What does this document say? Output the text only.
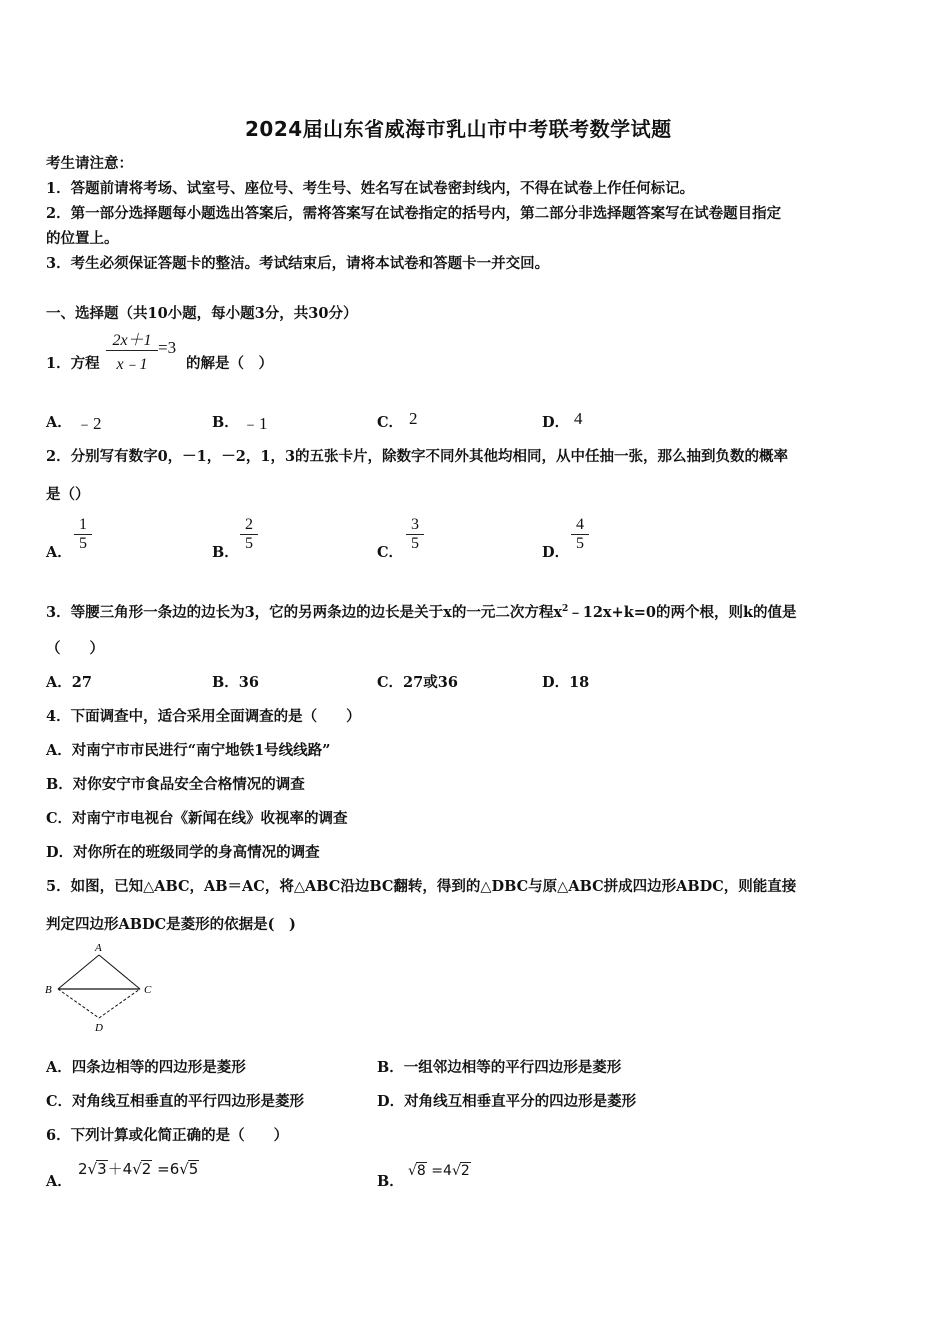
2024届山东省威海市乳山市中考联考数学试题
考生请注意：
1．答题前请将考场、试室号、座位号、考生号、姓名写在试卷密封线内，不得在试卷上作任何标记。
2．第一部分选择题每小题选出答案后，需将答案写在试卷指定的括号内，第二部分非选择题答案写在试卷题目指定
的位置上。
3．考生必须保证答题卡的整洁。考试结束后，请将本试卷和答题卡一并交回。
一、选择题（共10小题，每小题3分，共30分）
1．方程
2x＋1
x﹣1
=3
的解是（　）
A． ﹣2	B． ﹣1	C． 2	D． 4
2．分别写有数字0，－1，－2，1，3的五张卡片，除数字不同外其他均相同，从中任抽一张，那么抽到负数的概率
是（）
A．
1
5
B．
2
5
C．
3
5
D．
4
5
3．等腰三角形一条边的边长为3，它的另两条边的边长是关于x的一元二次方程$x^2﹣12x+k=0$的两个根，则k的值是
（　　）
A．27	B．36	C．27或36	D．18
4．下面调查中，适合采用全面调查的是（　　）
A．对南宁市市民进行“南宁地铁1号线线路”
B．对你安宁市食品安全合格情况的调查
C．对南宁市电视台《新闻在线》收视率的调查
D．对你所在的班级同学的身高情况的调查
5．如图，已知△ABC，AB＝AC，将△ABC沿边BC翻转，得到的△DBC与原△ABC拼成四边形ABDC，则能直接
判定四边形ABDC是菱形的依据是(　)
A
B	C
D
A．四条边相等的四边形是菱形	B．一组邻边相等的平行四边形是菱形
C．对角线互相垂直的平行四边形是菱形	D．对角线互相垂直平分的四边形是菱形
6．下列计算或化简正确的是（　　）
A．
2√3＋4√2 =6√5
B．
√8 =4√2
